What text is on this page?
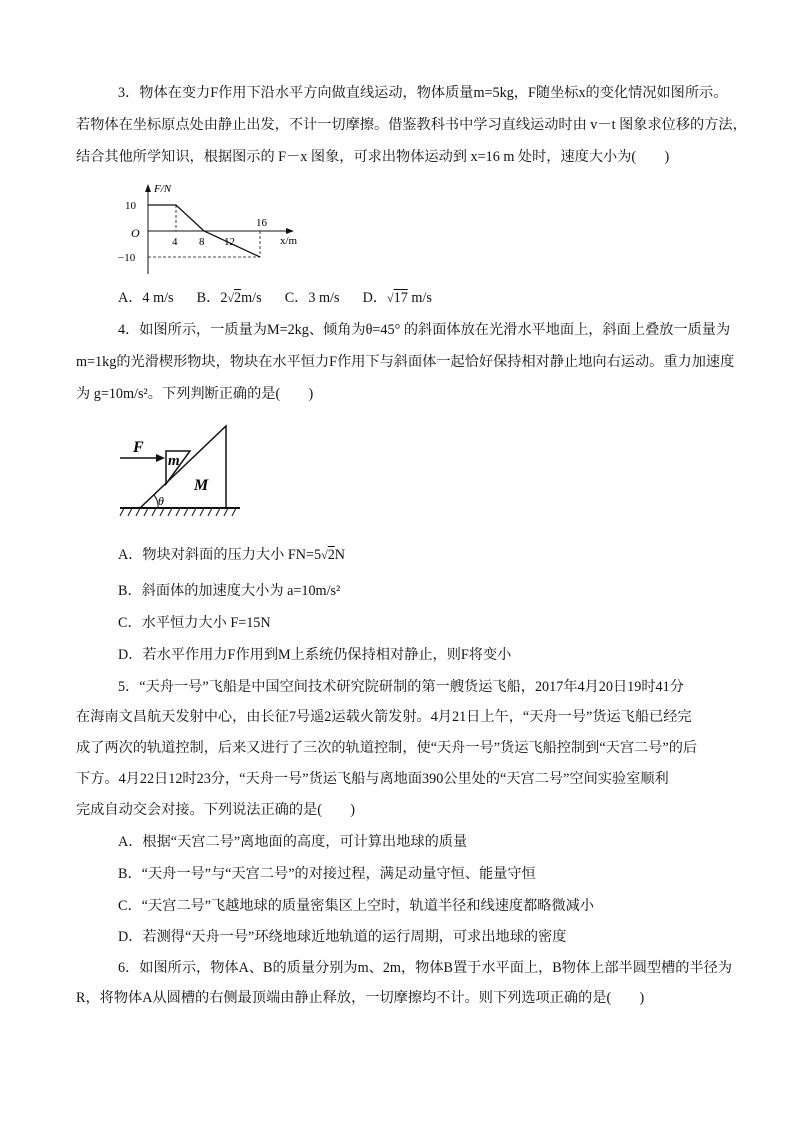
3．物体在变力F作用下沿水平方向做直线运动，物体质量m=5kg，F随坐标x的变化情况如图所示。
若物体在坐标原点处由静止出发，不计一切摩擦。借鉴教科书中学习直线运动时由 v－t 图象求位移的方法，
结合其他所学知识，根据图示的 F－x 图象，可求出物体运动到 x=16 m 处时，速度大小为(　　)
F/N
x/m
O
10
−10
4 8 12
16
A．4 m/s B．2√2m/s C．3 m/s D．√17 m/s
4．如图所示，一质量为M=2kg、倾角为θ=45° 的斜面体放在光滑水平地面上，斜面上叠放一质量为
m=1kg的光滑楔形物块，物块在水平恒力F作用下与斜面体一起恰好保持相对静止地向右运动。重力加速度
为 g=10m/s²。下列判断正确的是(　　)
F
m
M
θ
A．物块对斜面的压力大小 FN=5√2N
B．斜面体的加速度大小为 a=10m/s²
C．水平恒力大小 F=15N
D．若水平作用力F作用到M上系统仍保持相对静止，则F将变小
5．“天舟一号”飞船是中国空间技术研究院研制的第一艘货运飞船，2017年4月20日19时41分
在海南文昌航天发射中心，由长征7号遥2运载火箭发射。4月21日上午，“天舟一号”货运飞船已经完
成了两次的轨道控制，后来又进行了三次的轨道控制，使“天舟一号”货运飞船控制到“天宫二号”的后
下方。4月22日12时23分，“天舟一号”货运飞船与离地面390公里处的“天宫二号”空间实验室顺利
完成自动交会对接。下列说法正确的是(　　)
A．根据“天宫二号”离地面的高度，可计算出地球的质量
B．“天舟一号”与“天宫二号”的对接过程，满足动量守恒、能量守恒
C．“天宫二号”飞越地球的质量密集区上空时，轨道半径和线速度都略微减小
D．若测得“天舟一号”环绕地球近地轨道的运行周期，可求出地球的密度
6．如图所示，物体A、B的质量分别为m、2m，物体B置于水平面上，B物体上部半圆型槽的半径为
R，将物体A从圆槽的右侧最顶端由静止释放，一切摩擦均不计。则下列选项正确的是(　　)
